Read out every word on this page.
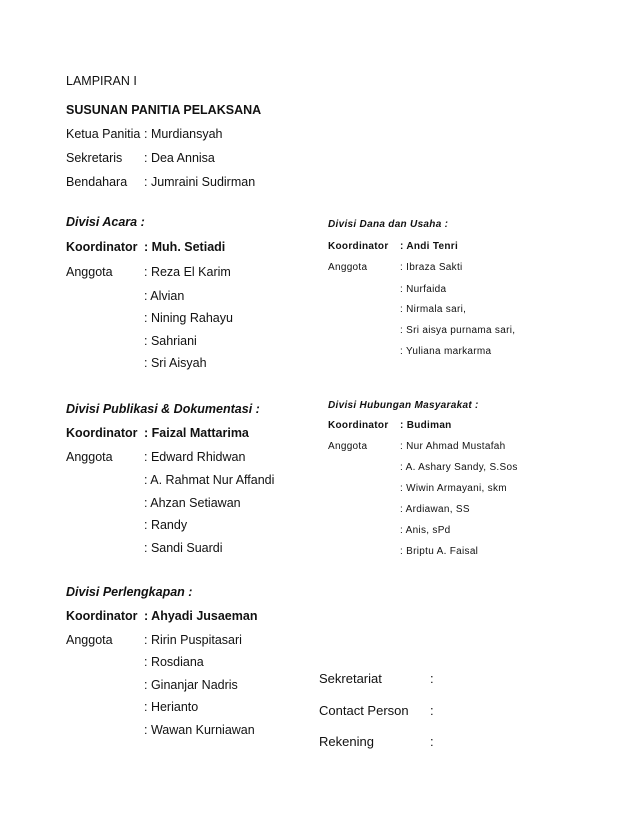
LAMPIRAN I
SUSUNAN PANITIA PELAKSANA
Ketua Panitia : Murdiansyah
Sekretaris : Dea Annisa
Bendahara : Jumraini Sudirman
Divisi Acara :
Koordinator : Muh. Setiadi
Anggota	: Reza El Karim
: Alvian
: Nining Rahayu
: Sahriani
: Sri Aisyah
Divisi Publikasi & Dokumentasi :
Koordinator : Faizal Mattarima
Anggota	: Edward Rhidwan
: A. Rahmat Nur Affandi
: Ahzan Setiawan
: Randy
: Sandi Suardi
Divisi Perlengkapan :
Koordinator : Ahyadi Jusaeman
Anggota	: Ririn Puspitasari
: Rosdiana
: Ginanjar Nadris
: Herianto
: Wawan Kurniawan
Divisi Dana dan Usaha :
Koordinator : Andi Tenri
Anggota	: Ibraza Sakti
: Nurfaida
: Nirmala sari,
: Sri aisya purnama sari,
: Yuliana markarma
Divisi Hubungan Masyarakat :
Koordinator : Budiman
Anggota	: Nur Ahmad Mustafah
: A. Ashary Sandy, S.Sos
: Wiwin Armayani, skm
: Ardiawan, SS
: Anis, sPd
: Briptu A. Faisal
Sekretariat	:
Contact Person :
Rekening	:
